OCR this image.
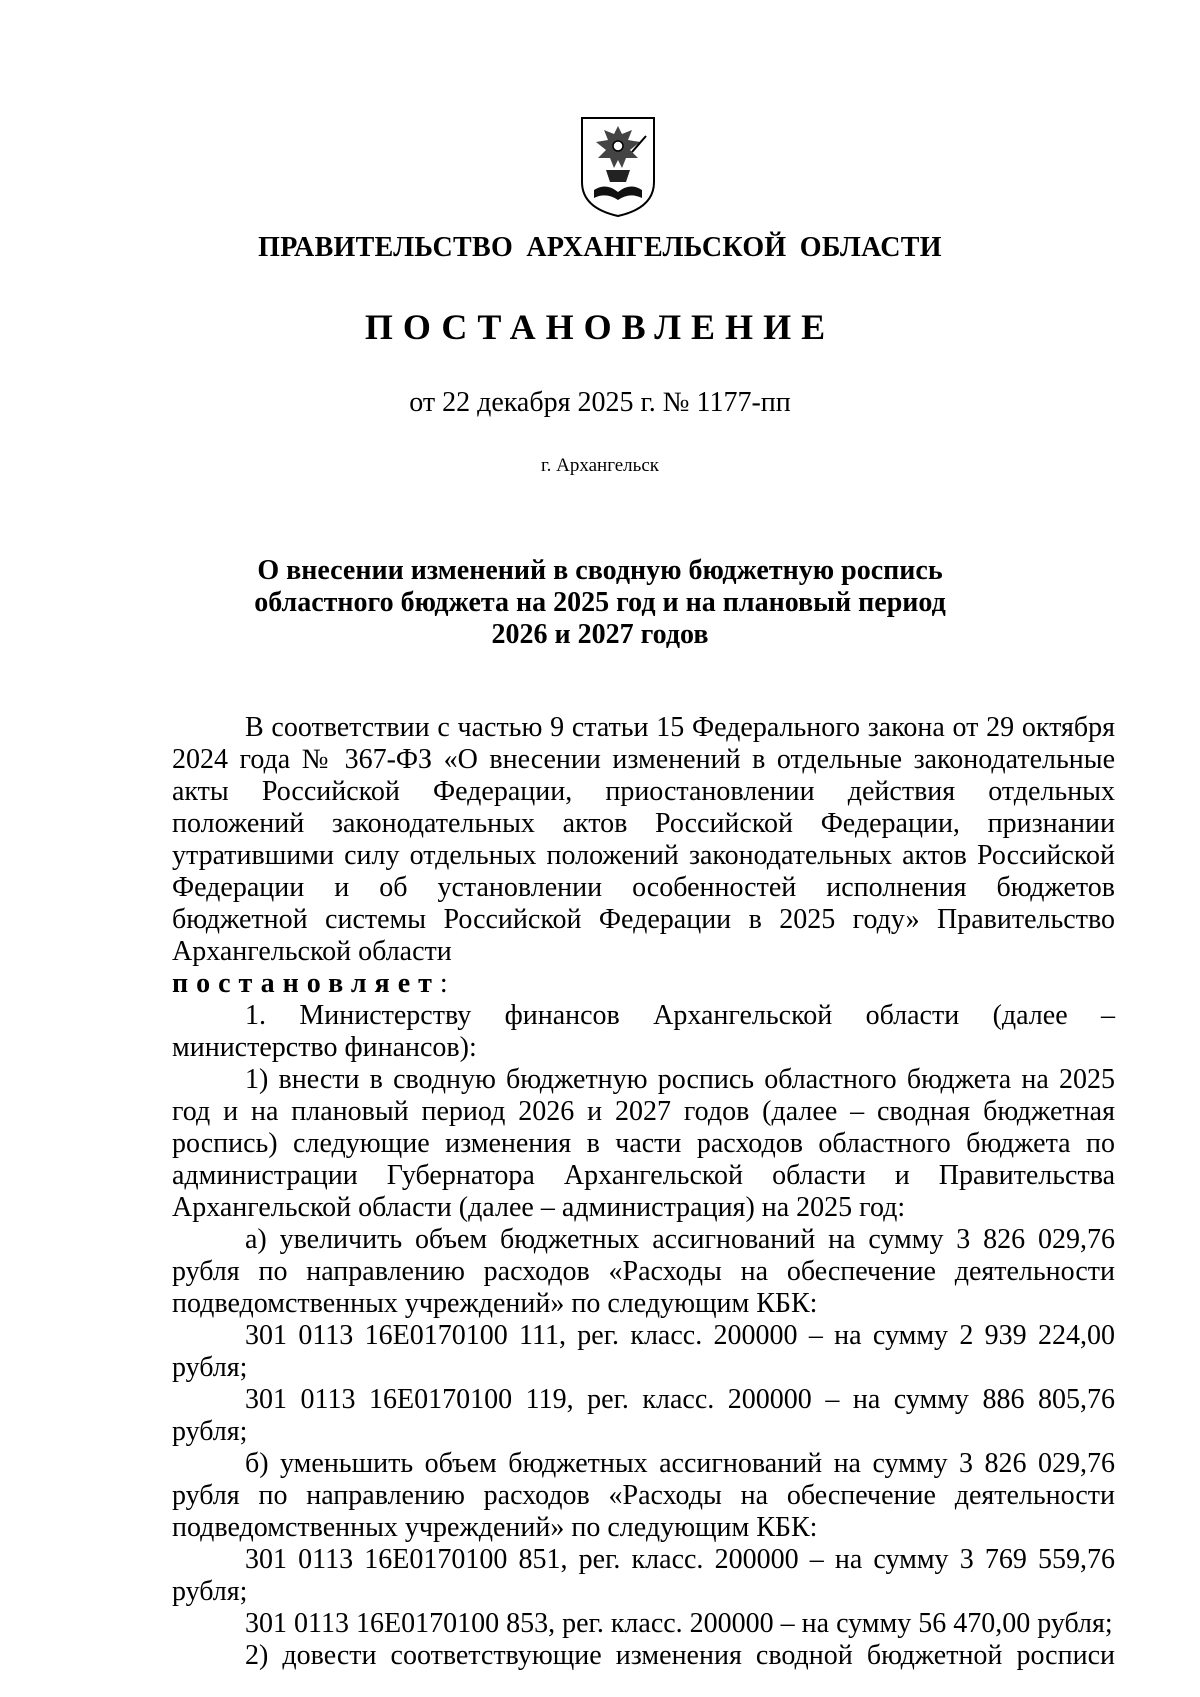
ПРАВИТЕЛЬСТВО АРХАНГЕЛЬСКОЙ ОБЛАСТИ
ПОСТАНОВЛЕНИЕ
от 22 декабря 2025 г. № 1177-пп
г. Архангельск
О внесении изменений в сводную бюджетную роспись
областного бюджета на 2025 год и на плановый период
2026 и 2027 годов

В соответствии с частью 9 статьи 15 Федерального закона от 29 октября 2024 года № 367-ФЗ «О внесении изменений в отдельные законодательные акты Российской Федерации, приостановлении действия отдельных положений законодательных актов Российской Федерации, признании утратившими силу отдельных положений законодательных актов Российской Федерации и об установлении особенностей исполнения бюджетов бюджетной системы Российской Федерации в 2025 году» Правительство Архангельской области
постановляет:

1. Министерству финансов Архангельской области (далее – министерство финансов):

1) внести в сводную бюджетную роспись областного бюджета на 2025 год и на плановый период 2026 и 2027 годов (далее – сводная бюджетная роспись) следующие изменения в части расходов областного бюджета по администрации Губернатора Архангельской области и Правительства Архангельской области (далее – администрация) на 2025 год:

а) увеличить объем бюджетных ассигнований на сумму 3 826 029,76 рубля по направлению расходов «Расходы на обеспечение деятельности подведомственных учреждений» по следующим КБК:

301 0113 16Е0170100 111, рег. класс. 200000 – на сумму 2 939 224,00 рубля;

301 0113 16Е0170100 119, рег. класс. 200000 – на сумму 886 805,76 рубля;

б) уменьшить объем бюджетных ассигнований на сумму 3 826 029,76 рубля по направлению расходов «Расходы на обеспечение деятельности подведомственных учреждений» по следующим КБК:

301 0113 16Е0170100 851, рег. класс. 200000 – на сумму 3 769 559,76 рубля;

301 0113 16Е0170100 853, рег. класс. 200000 – на сумму 56 470,00 рубля;

2) довести соответствующие изменения сводной бюджетной росписи
